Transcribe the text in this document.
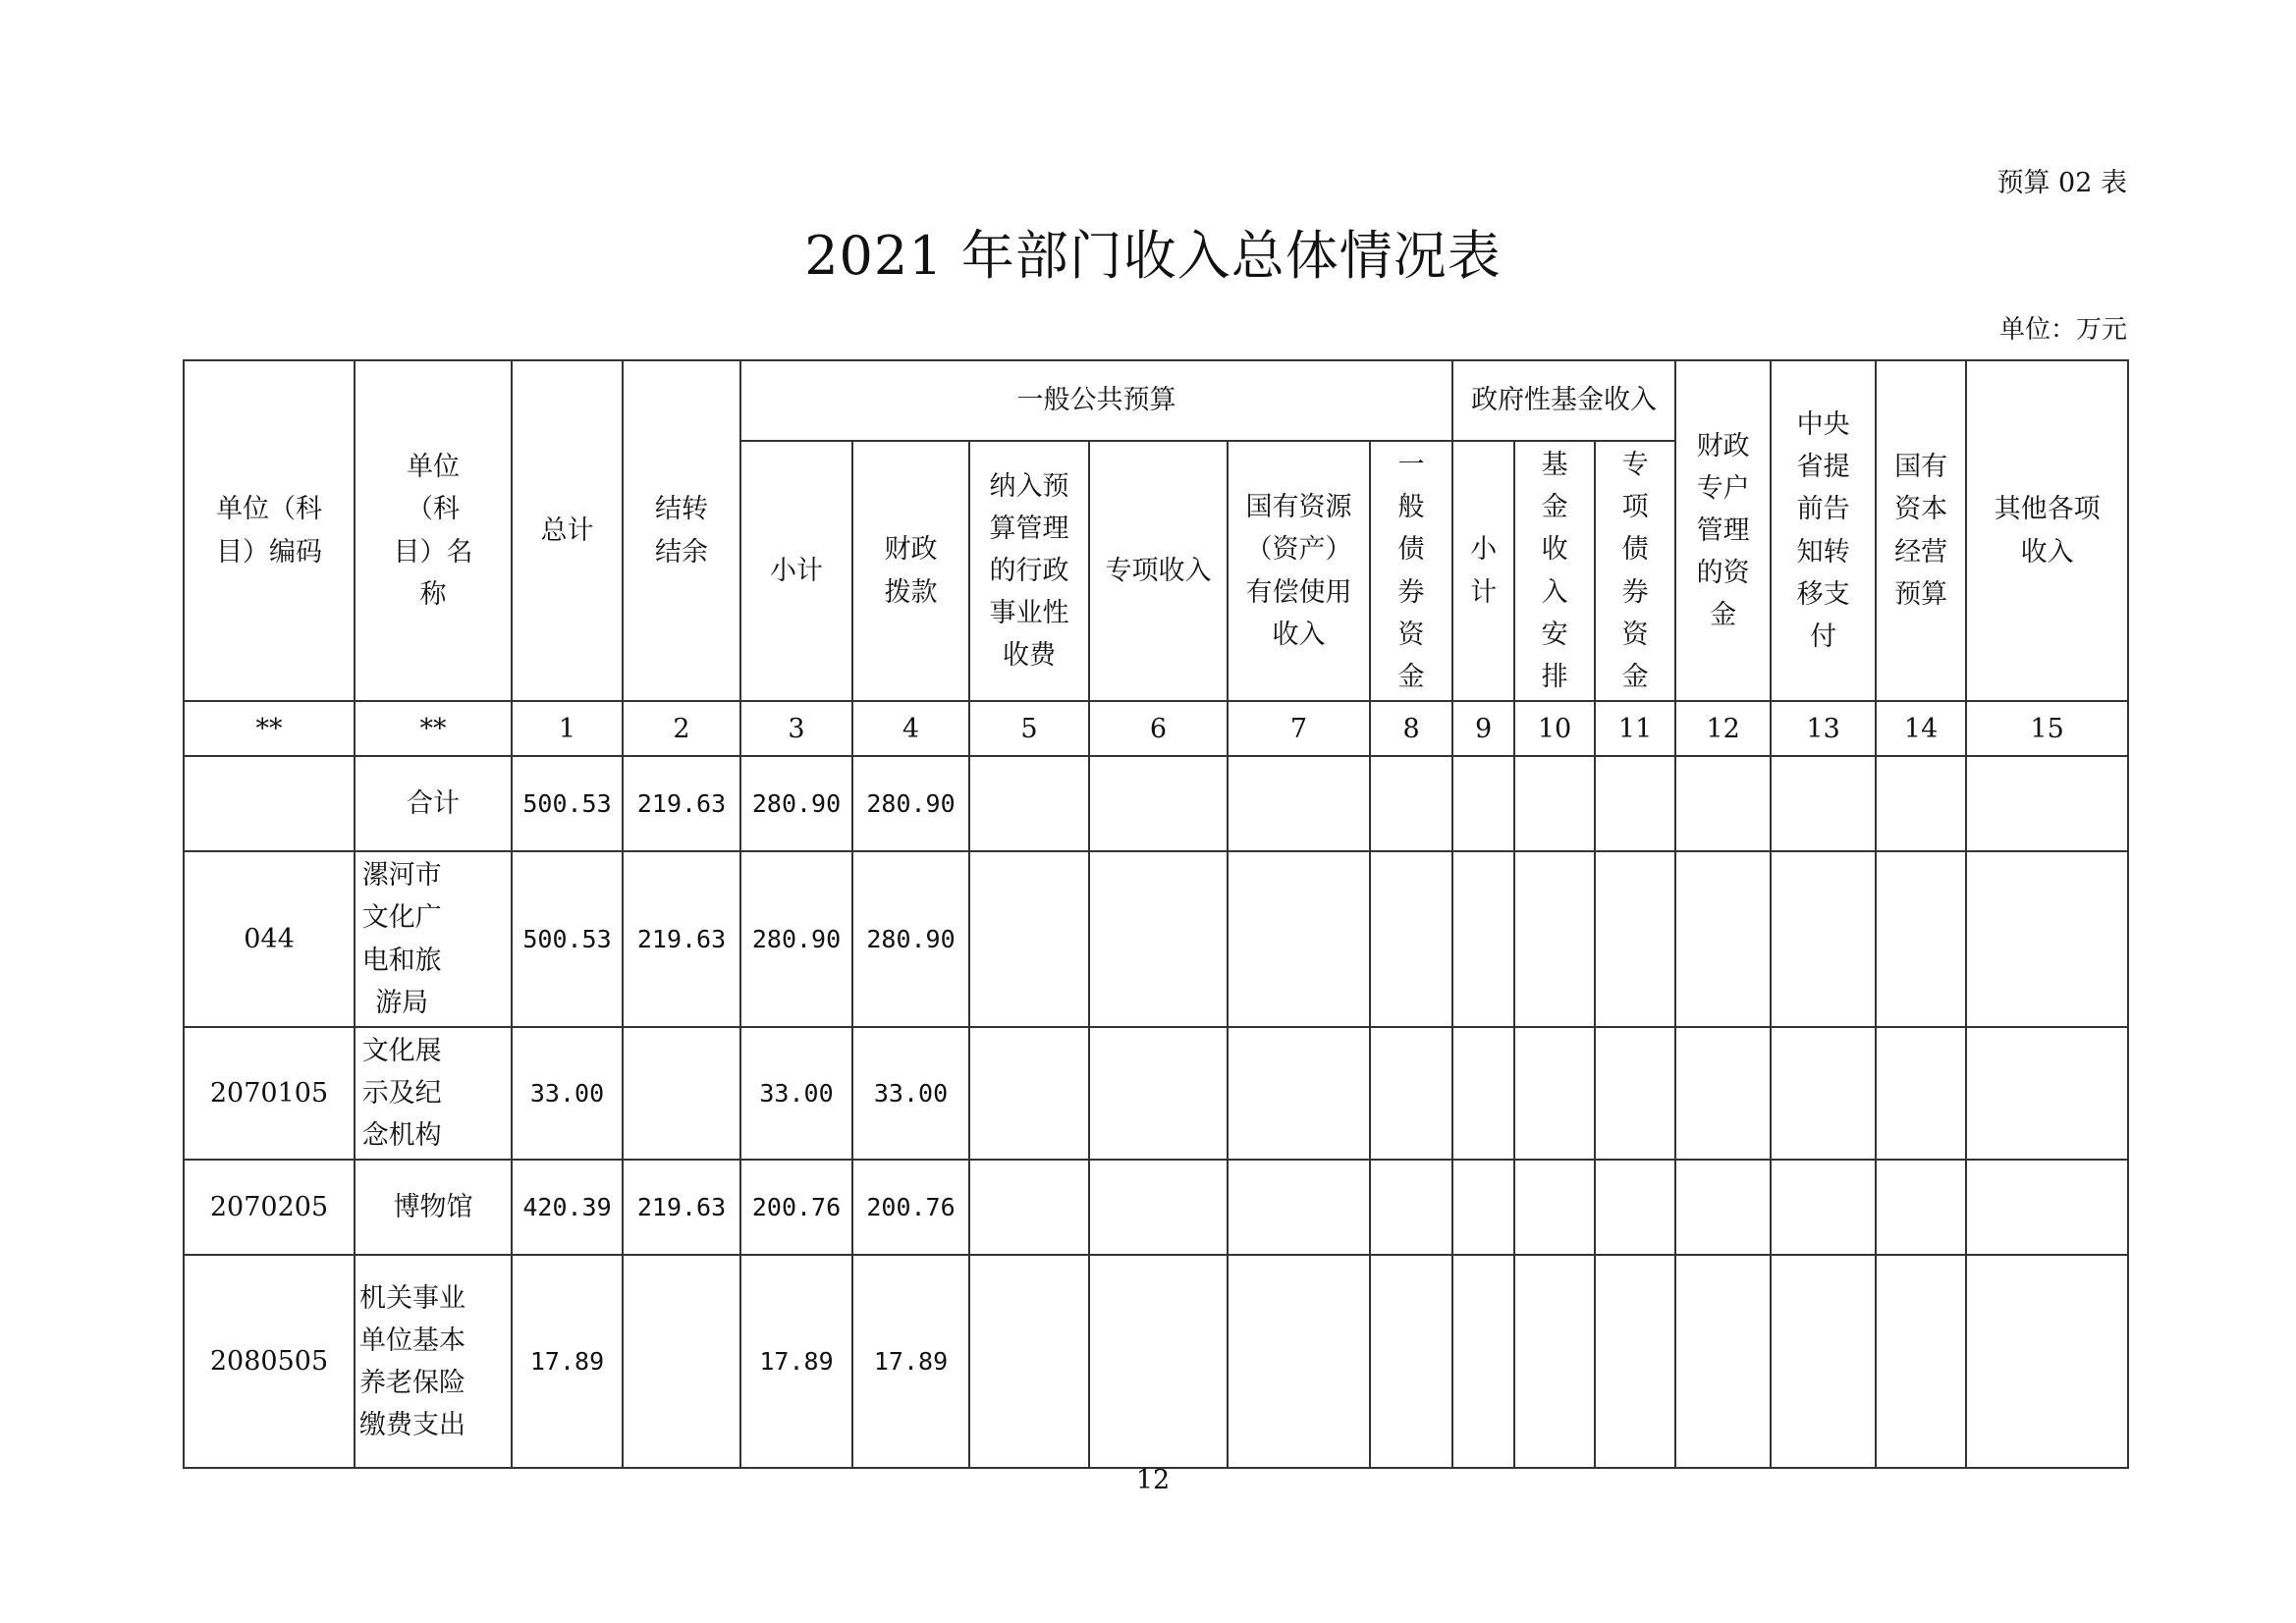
预算 02 表
2021 年部门收入总体情况表
单位：万元
单位（科目）编码	单位（科目）名称	总计	结转结余	一般公共预算						政府性基金收入			财政专户管理的资金	中央省提前告知转移支付	国有资本经营预算	其他各项收入

				小计	财政拨款	纳入预算管理的行政事业性收费	专项收入	国有资源（资产）有偿使用收入	一般债券资金	小计	基金收入安排	专项债券资金				

**	**	1	2	3	4	5	6	7	8	9	10	11	12	13	14	15
	合计	500.53	219.63	280.90	280.90											
044	漯河市文化广电和旅游局	500.53	219.63	280.90	280.90											
2070105	文化展示及纪念机构	33.00		33.00	33.00											
2070205	博物馆	420.39	219.63	200.76	200.76											
2080505	机关事业单位基本养老保险缴费支出	17.89		17.89	17.89											
12
